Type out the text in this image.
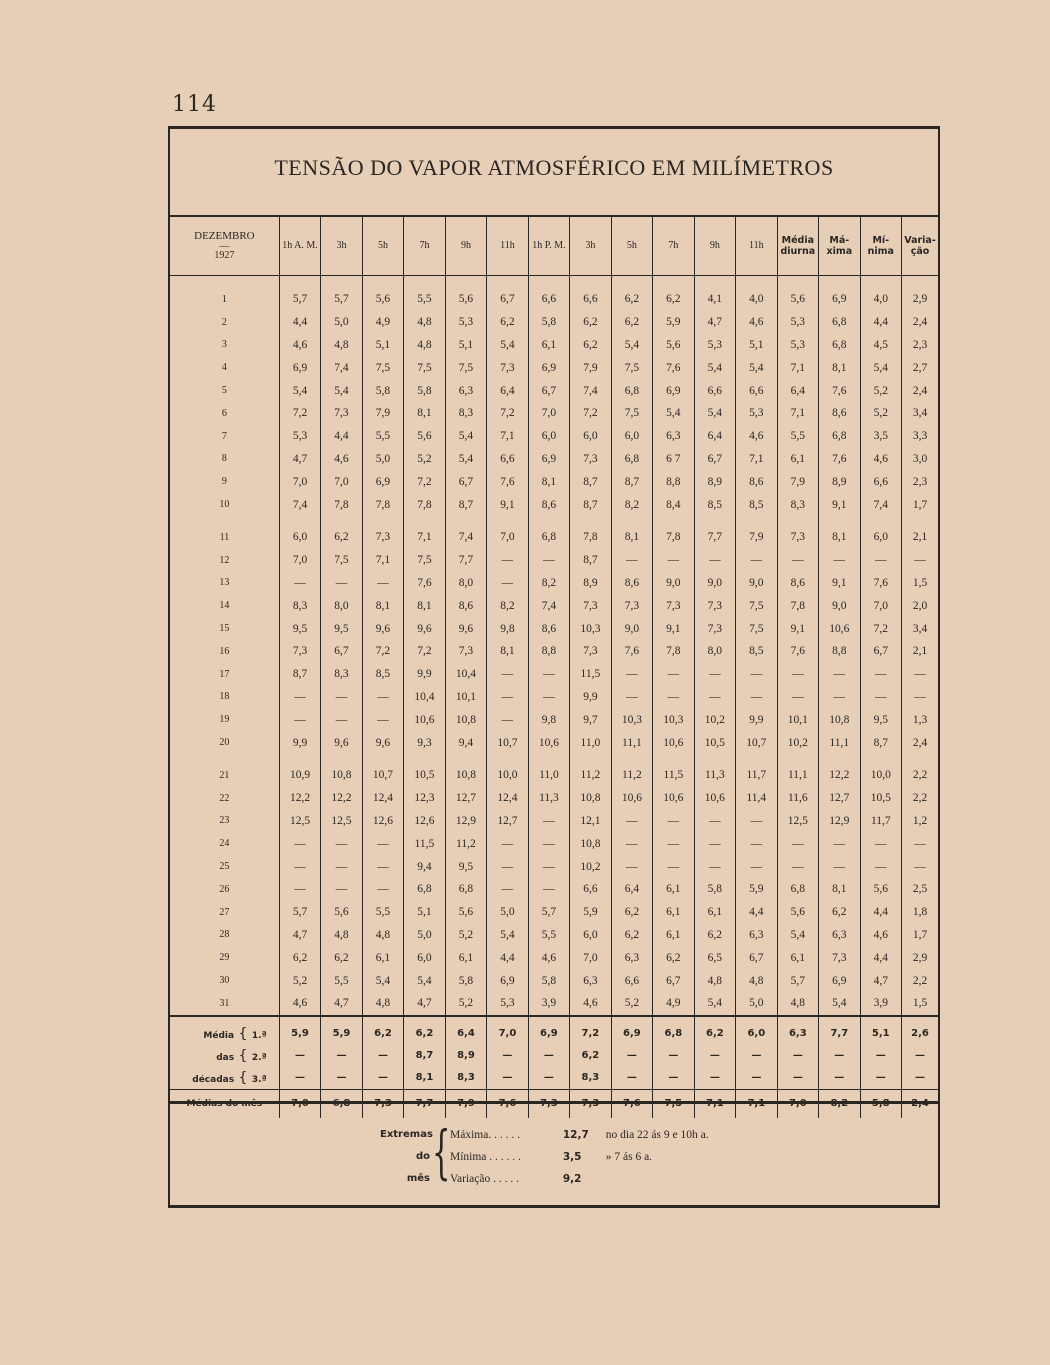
114
TENSÃO DO VAPOR ATMOSFÉRICO EM MILÍMETROS
DEZEMBRO
—
1927	1h A. M.	3h	5h	7h	9h	11h	1h P. M.	3h	5h	7h	9h	11h	Média diurna	Má- xima	Mí- nima	Varia- ção

1	5,7	5,7	5,6	5,5	5,6	6,7	6,6	6,6	6,2	6,2	4,1	4,0	5,6	6,9	4,0	2,9
2	4,4	5,0	4,9	4,8	5,3	6,2	5,8	6,2	6,2	5,9	4,7	4,6	5,3	6,8	4,4	2,4
3	4,6	4,8	5,1	4,8	5,1	5,4	6,1	6,2	5,4	5,6	5,3	5,1	5,3	6,8	4,5	2,3
4	6,9	7,4	7,5	7,5	7,5	7,3	6,9	7,9	7,5	7,6	5,4	5,4	7,1	8,1	5,4	2,7
5	5,4	5,4	5,8	5,8	6,3	6,4	6,7	7,4	6,8	6,9	6,6	6,6	6,4	7,6	5,2	2,4
6	7,2	7,3	7,9	8,1	8,3	7,2	7,0	7,2	7,5	5,4	5,4	5,3	7,1	8,6	5,2	3,4
7	5,3	4,4	5,5	5,6	5,4	7,1	6,0	6,0	6,0	6,3	6,4	4,6	5,5	6,8	3,5	3,3
8	4,7	4,6	5,0	5,2	5,4	6,6	6,9	7,3	6,8	6 7	6,7	7,1	6,1	7,6	4,6	3,0
9	7,0	7,0	6,9	7,2	6,7	7,6	8,1	8,7	8,7	8,8	8,9	8,6	7,9	8,9	6,6	2,3
10	7,4	7,8	7,8	7,8	8,7	9,1	8,6	8,7	8,2	8,4	8,5	8,5	8,3	9,1	7,4	1,7

11	6,0	6,2	7,3	7,1	7,4	7,0	6,8	7,8	8,1	7,8	7,7	7,9	7,3	8,1	6,0	2,1
12	7,0	7,5	7,1	7,5	7,7	—	—	8,7	—	—	—	—	—	—	—	—
13	—	—	—	7,6	8,0	—	8,2	8,9	8,6	9,0	9,0	9,0	8,6	9,1	7,6	1,5
14	8,3	8,0	8,1	8,1	8,6	8,2	7,4	7,3	7,3	7,3	7,3	7,5	7,8	9,0	7,0	2,0
15	9,5	9,5	9,6	9,6	9,6	9,8	8,6	10,3	9,0	9,1	7,3	7,5	9,1	10,6	7,2	3,4
16	7,3	6,7	7,2	7,2	7,3	8,1	8,8	7,3	7,6	7,8	8,0	8,5	7,6	8,8	6,7	2,1
17	8,7	8,3	8,5	9,9	10,4	—	—	11,5	—	—	—	—	—	—	—	—
18	—	—	—	10,4	10,1	—	—	9,9	—	—	—	—	—	—	—	—
19	—	—	—	10,6	10,8	—	9,8	9,7	10,3	10,3	10,2	9,9	10,1	10,8	9,5	1,3
20	9,9	9,6	9,6	9,3	9,4	10,7	10,6	11,0	11,1	10,6	10,5	10,7	10,2	11,1	8,7	2,4

21	10,9	10,8	10,7	10,5	10,8	10,0	11,0	11,2	11,2	11,5	11,3	11,7	11,1	12,2	10,0	2,2
22	12,2	12,2	12,4	12,3	12,7	12,4	11,3	10,8	10,6	10,6	10,6	11,4	11,6	12,7	10,5	2,2
23	12,5	12,5	12,6	12,6	12,9	12,7	—	12,1	—	—	—	—	12,5	12,9	11,7	1,2
24	—	—	—	11,5	11,2	—	—	10,8	—	—	—	—	—	—	—	—
25	—	—	—	9,4	9,5	—	—	10,2	—	—	—	—	—	—	—	—
26	—	—	—	6,8	6,8	—	—	6,6	6,4	6,1	5,8	5,9	6,8	8,1	5,6	2,5
27	5,7	5,6	5,5	5,1	5,6	5,0	5,7	5,9	6,2	6,1	6,1	4,4	5,6	6,2	4,4	1,8
28	4,7	4,8	4,8	5,0	5,2	5,4	5,5	6,0	6,2	6,1	6,2	6,3	5,4	6,3	4,6	1,7
29	6,2	6,2	6,1	6,0	6,1	4,4	4,6	7,0	6,3	6,2	6,5	6,7	6,1	7,3	4,4	2,9
30	5,2	5,5	5,4	5,4	5,8	6,9	5,8	6,3	6,6	6,7	4,8	4,8	5,7	6,9	4,7	2,2
31	4,6	4,7	4,8	4,7	5,2	5,3	3,9	4,6	5,2	4,9	5,4	5,0	4,8	5,4	3,9	1,5

Média { 1.ª	5,9	5,9	6,2	6,2	6,4	7,0	6,9	7,2	6,9	6,8	6,2	6,0	6,3	7,7	5,1	2,6
das { 2.ª	—	—	—	8,7	8,9	—	—	6,2	—	—	—	—	—	—	—	—
décadas { 3.ª	—	—	—	8,1	8,3	—	—	8,3	—	—	—	—	—	—	—	—
Médias do mês	7,0	6,8	7,3	7,7	7,9	7,6	7,3	7,3	7,6	7,5	7,1	7,1	7,0	8,2	5,8	2,4
Extremas
do
mês { Máxima. . . . . .	12,7 no dia 22 ás 9 e 10h a.
Mínima . . . . . .	3,5 » 7 ás 6 a.
Variação . . . . .	9,2
